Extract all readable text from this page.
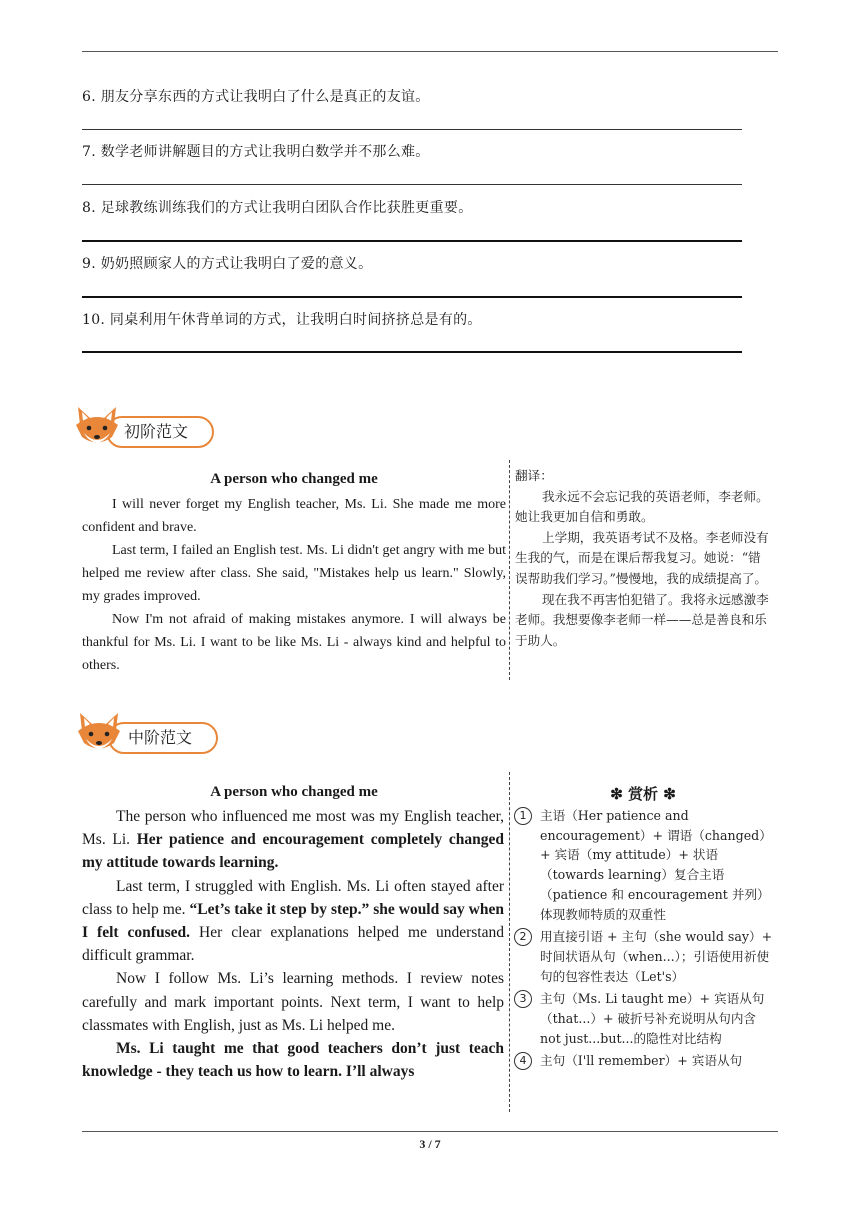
6. 朋友分享东西的方式让我明白了什么是真正的友谊。
7. 数学老师讲解题目的方式让我明白数学并不那么难。
8. 足球教练训练我们的方式让我明白团队合作比获胜更重要。
9. 奶奶照顾家人的方式让我明白了爱的意义。
10. 同桌利用午休背单词的方式，让我明白时间挤挤总是有的。
初阶范文
A person who changed me

I will never forget my English teacher, Ms. Li. She made me more confident and brave.

Last term, I failed an English test. Ms. Li didn't get angry with me but helped me review after class. She said, "Mistakes help us learn." Slowly, my grades improved.

Now I'm not afraid of making mistakes anymore. I will always be thankful for Ms. Li. I want to be like Ms. Li - always kind and helpful to others.

翻译：

我永远不会忘记我的英语老师，李老师。她让我更加自信和勇敢。

上学期，我英语考试不及格。李老师没有生我的气，而是在课后帮我复习。她说：“错误帮助我们学习。”慢慢地，我的成绩提高了。

现在我不再害怕犯错了。我将永远感激李老师。我想要像李老师一样——总是善良和乐于助人。

中阶范文
A person who changed me

The person who influenced me most was my English teacher, Ms. Li. Her patience and encouragement completely changed my attitude towards learning.

Last term, I struggled with English. Ms. Li often stayed after class to help me. “Let’s take it step by step.” she would say when I felt confused. Her clear explanations helped me understand difficult grammar.

Now I follow Ms. Li’s learning methods. I review notes carefully and mark important points. Next term, I want to help classmates with English, just as Ms. Li helped me.

Ms. Li taught me that good teachers don’t just teach knowledge - they teach us how to learn. I’ll always

❇ 赏析 ❇
1	主语（Her patience and encouragement）+ 谓语（changed）+ 宾语（my attitude）+ 状语（towards learning）复合主语（patience 和 encouragement 并列）体现教师特质的双重性
2	用直接引语 + 主句（she would say）+ 时间状语从句（when...）；引语使用祈使句的包容性表达（Let's）
3	主句（Ms. Li taught me）+ 宾语从句（that...）+ 破折号补充说明从句内含 not just...but...的隐性对比结构
4	主句（I'll remember）+ 宾语从句
3 / 7
